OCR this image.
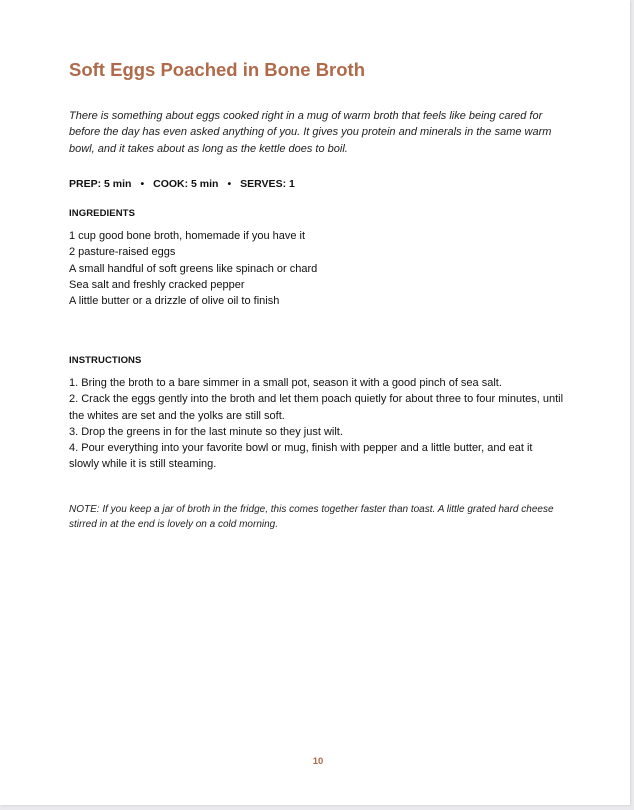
Soft Eggs Poached in Bone Broth

There is something about eggs cooked right in a mug of warm broth that feels like being cared for before the day has even asked anything of you. It gives you protein and minerals in the same warm bowl, and it takes about as long as the kettle does to boil.

PREP: 5 min • COOK: 5 min • SERVES: 1
INGREDIENTS
1 cup good bone broth, homemade if you have it
2 pasture-raised eggs
A small handful of soft greens like spinach or chard
Sea salt and freshly cracked pepper
A little butter or a drizzle of olive oil to finish
INSTRUCTIONS
1. Bring the broth to a bare simmer in a small pot, season it with a good pinch of sea salt.
2. Crack the eggs gently into the broth and let them poach quietly for about three to four minutes, until the whites are set and the yolks are still soft.
3. Drop the greens in for the last minute so they just wilt.
4. Pour everything into your favorite bowl or mug, finish with pepper and a little butter, and eat it slowly while it is still steaming.

NOTE: If you keep a jar of broth in the fridge, this comes together faster than toast. A little grated hard cheese stirred in at the end is lovely on a cold morning.

10
